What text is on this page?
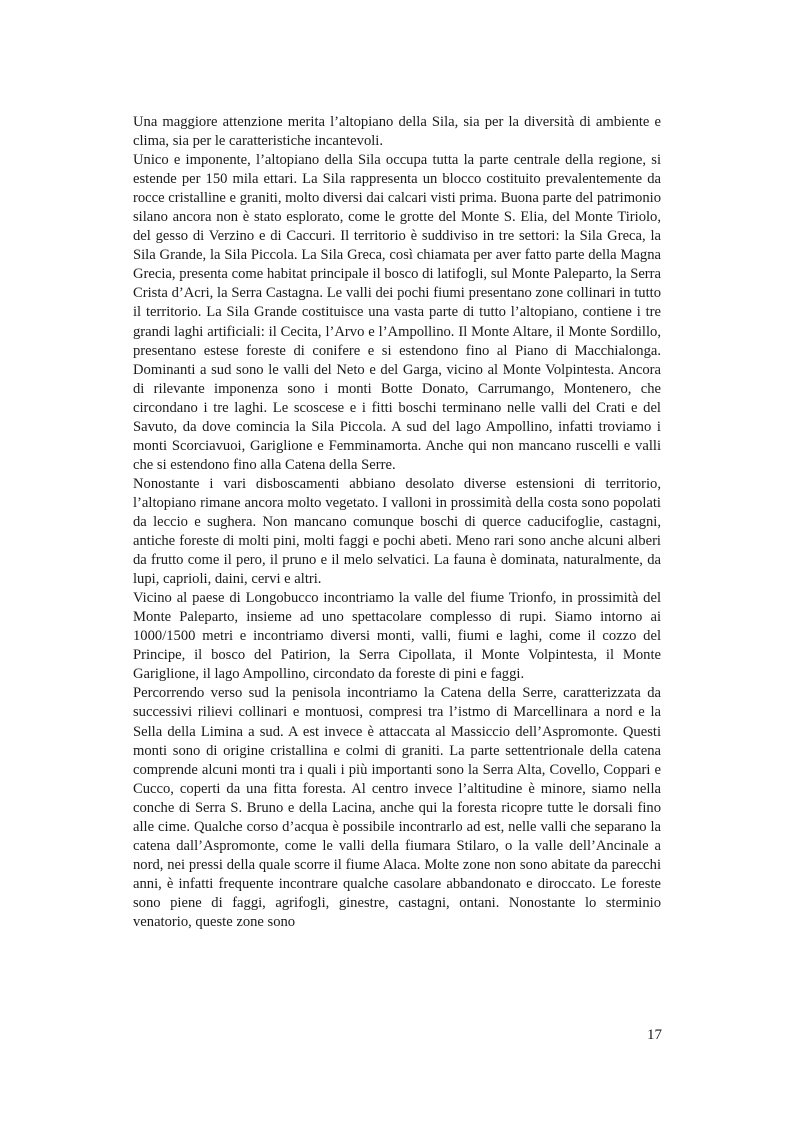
Una maggiore attenzione merita l’altopiano della Sila, sia per la diversità di ambiente e clima, sia per le caratteristiche incantevoli.

Unico e imponente, l’altopiano della Sila occupa tutta la parte centrale della regione, si estende per 150 mila ettari. La Sila rappresenta un blocco costituito prevalentemente da rocce cristalline e graniti, molto diversi dai calcari visti prima. Buona parte del patrimonio silano ancora non è stato esplorato, come le grotte del Monte S. Elia, del Monte Tiriolo, del gesso di Verzino e di Caccuri. Il territorio è suddiviso in tre settori: la Sila Greca, la Sila Grande, la Sila Piccola. La Sila Greca, così chiamata per aver fatto parte della Magna Grecia, presenta come habitat principale il bosco di latifogli, sul Monte Paleparto, la Serra Crista d’Acri, la Serra Castagna. Le valli dei pochi fiumi presentano zone collinari in tutto il territorio. La Sila Grande costituisce una vasta parte di tutto l’altopiano, contiene i tre grandi laghi artificiali: il Cecita, l’Arvo e l’Ampollino. Il Monte Altare, il Monte Sordillo, presentano estese foreste di conifere e si estendono fino al Piano di Macchialonga. Dominanti a sud sono le valli del Neto e del Garga, vicino al Monte Volpintesta. Ancora di rilevante imponenza sono i monti Botte Donato, Carrumango, Montenero, che circondano i tre laghi. Le scoscese e i fitti boschi terminano nelle valli del Crati e del Savuto, da dove comincia la Sila Piccola. A sud del lago Ampollino, infatti troviamo i monti Scorciavuoi, Gariglione e Femminamorta. Anche qui non mancano ruscelli e valli che si estendono fino alla Catena della Serre.

Nonostante i vari disboscamenti abbiano desolato diverse estensioni di territorio, l’altopiano rimane ancora molto vegetato. I valloni in prossimità della costa sono popolati da leccio e sughera. Non mancano comunque boschi di querce caducifoglie, castagni, antiche foreste di molti pini, molti faggi e pochi abeti. Meno rari sono anche alcuni alberi da frutto come il pero, il pruno e il melo selvatici. La fauna è dominata, naturalmente, da lupi, caprioli, daini, cervi e altri.

Vicino al paese di Longobucco incontriamo la valle del fiume Trionfo, in prossimità del Monte Paleparto, insieme ad uno spettacolare complesso di rupi. Siamo intorno ai 1000/1500 metri e incontriamo diversi monti, valli, fiumi e laghi, come il cozzo del Principe, il bosco del Patirion, la Serra Cipollata, il Monte Volpintesta, il Monte Gariglione, il lago Ampollino, circondato da foreste di pini e faggi.

Percorrendo verso sud la penisola incontriamo la Catena della Serre, caratterizzata da successivi rilievi collinari e montuosi, compresi tra l’istmo di Marcellinara a nord e la Sella della Limina a sud. A est invece è attaccata al Massiccio dell’Aspromonte. Questi monti sono di origine cristallina e colmi di graniti. La parte settentrionale della catena comprende alcuni monti tra i quali i più importanti sono la Serra Alta, Covello, Coppari e Cucco, coperti da una fitta foresta. Al centro invece l’altitudine è minore, siamo nella conche di Serra S. Bruno e della Lacina, anche qui la foresta ricopre tutte le dorsali fino alle cime. Qualche corso d’acqua è possibile incontrarlo ad est, nelle valli che separano la catena dall’Aspromonte, come le valli della fiumara Stilaro, o la valle dell’Ancinale a nord, nei pressi della quale scorre il fiume Alaca. Molte zone non sono abitate da parecchi anni, è infatti frequente incontrare qualche casolare abbandonato e diroccato. Le foreste sono piene di faggi, agrifogli, ginestre, castagni, ontani. Nonostante lo sterminio venatorio, queste zone sono

17
